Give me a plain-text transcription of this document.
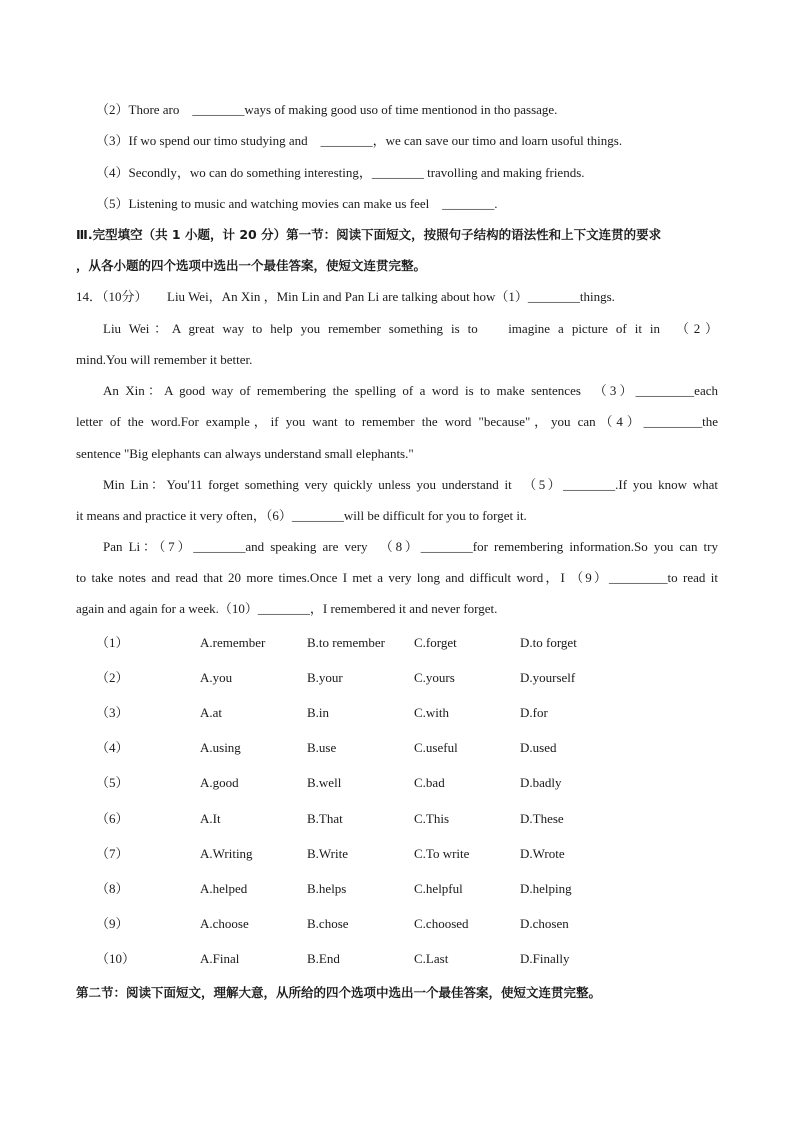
（2）Thore aro　________ways of making good uso of time mentionod in tho passage.
（3）If wo spend our timo studying and　________，we can save our timo and loarn usoful things.
（4）Secondly，wo can do something interesting，________ travolling and making friends.
（5）Listening to music and watching movies can make us feel　________.
Ⅲ.完型填空（共 1 小题，计 20 分）第一节：阅读下面短文，按照句子结构的语法性和上下文连贯的要求
，从各小题的四个选项中选出一个最佳答案，使短文连贯完整。
14．（10分）　　Liu Wei，An Xin ，Min Lin and Pan Li are talking about how（1）________things.
Liu Wei：A great way to help you remember something is to　 imagine a picture of it in　（2）
mind.You will remember it better.
An Xin：A good way of remembering the spelling of a word is to make sentences　（3）_________each
letter of the word.For example，if you want to remember the word "because"，you can（4）_________the
sentence "Big elephants can always understand small elephants."
Min Lin：You'11 forget something very quickly unless you understand it　（5）________.If you know what
it means and practice it very often，（6）________will be difficult for you to forget it.
Pan Li：（7）________and speaking are very　（8）________for remembering information.So you can try
to take notes and read that 20 more times.Once I met a very long and difficult word，I （9）_________to read it
again and again for a week.（10）________，I remembered it and never forget.
（1）	A.remember	B.to remember C.forget	D.to forget
（2）	A.you	B.your	C.yours	D.yourself
（3）	A.at	B.in	C.with	D.for
（4）	A.using	B.use	C.useful	D.used
（5）	A.good	B.well	C.bad	D.badly
（6）	A.It	B.That	C.This	D.These
（7）	A.Writing	B.Write	C.To write	D.Wrote
（8）	A.helped	B.helps	C.helpful	D.helping
（9）	A.choose	B.chose	C.choosed	D.chosen
（10）	A.Final	B.End	C.Last	D.Finally
第二节：阅读下面短文，理解大意，从所给的四个选项中选出一个最佳答案，使短文连贯完整。
